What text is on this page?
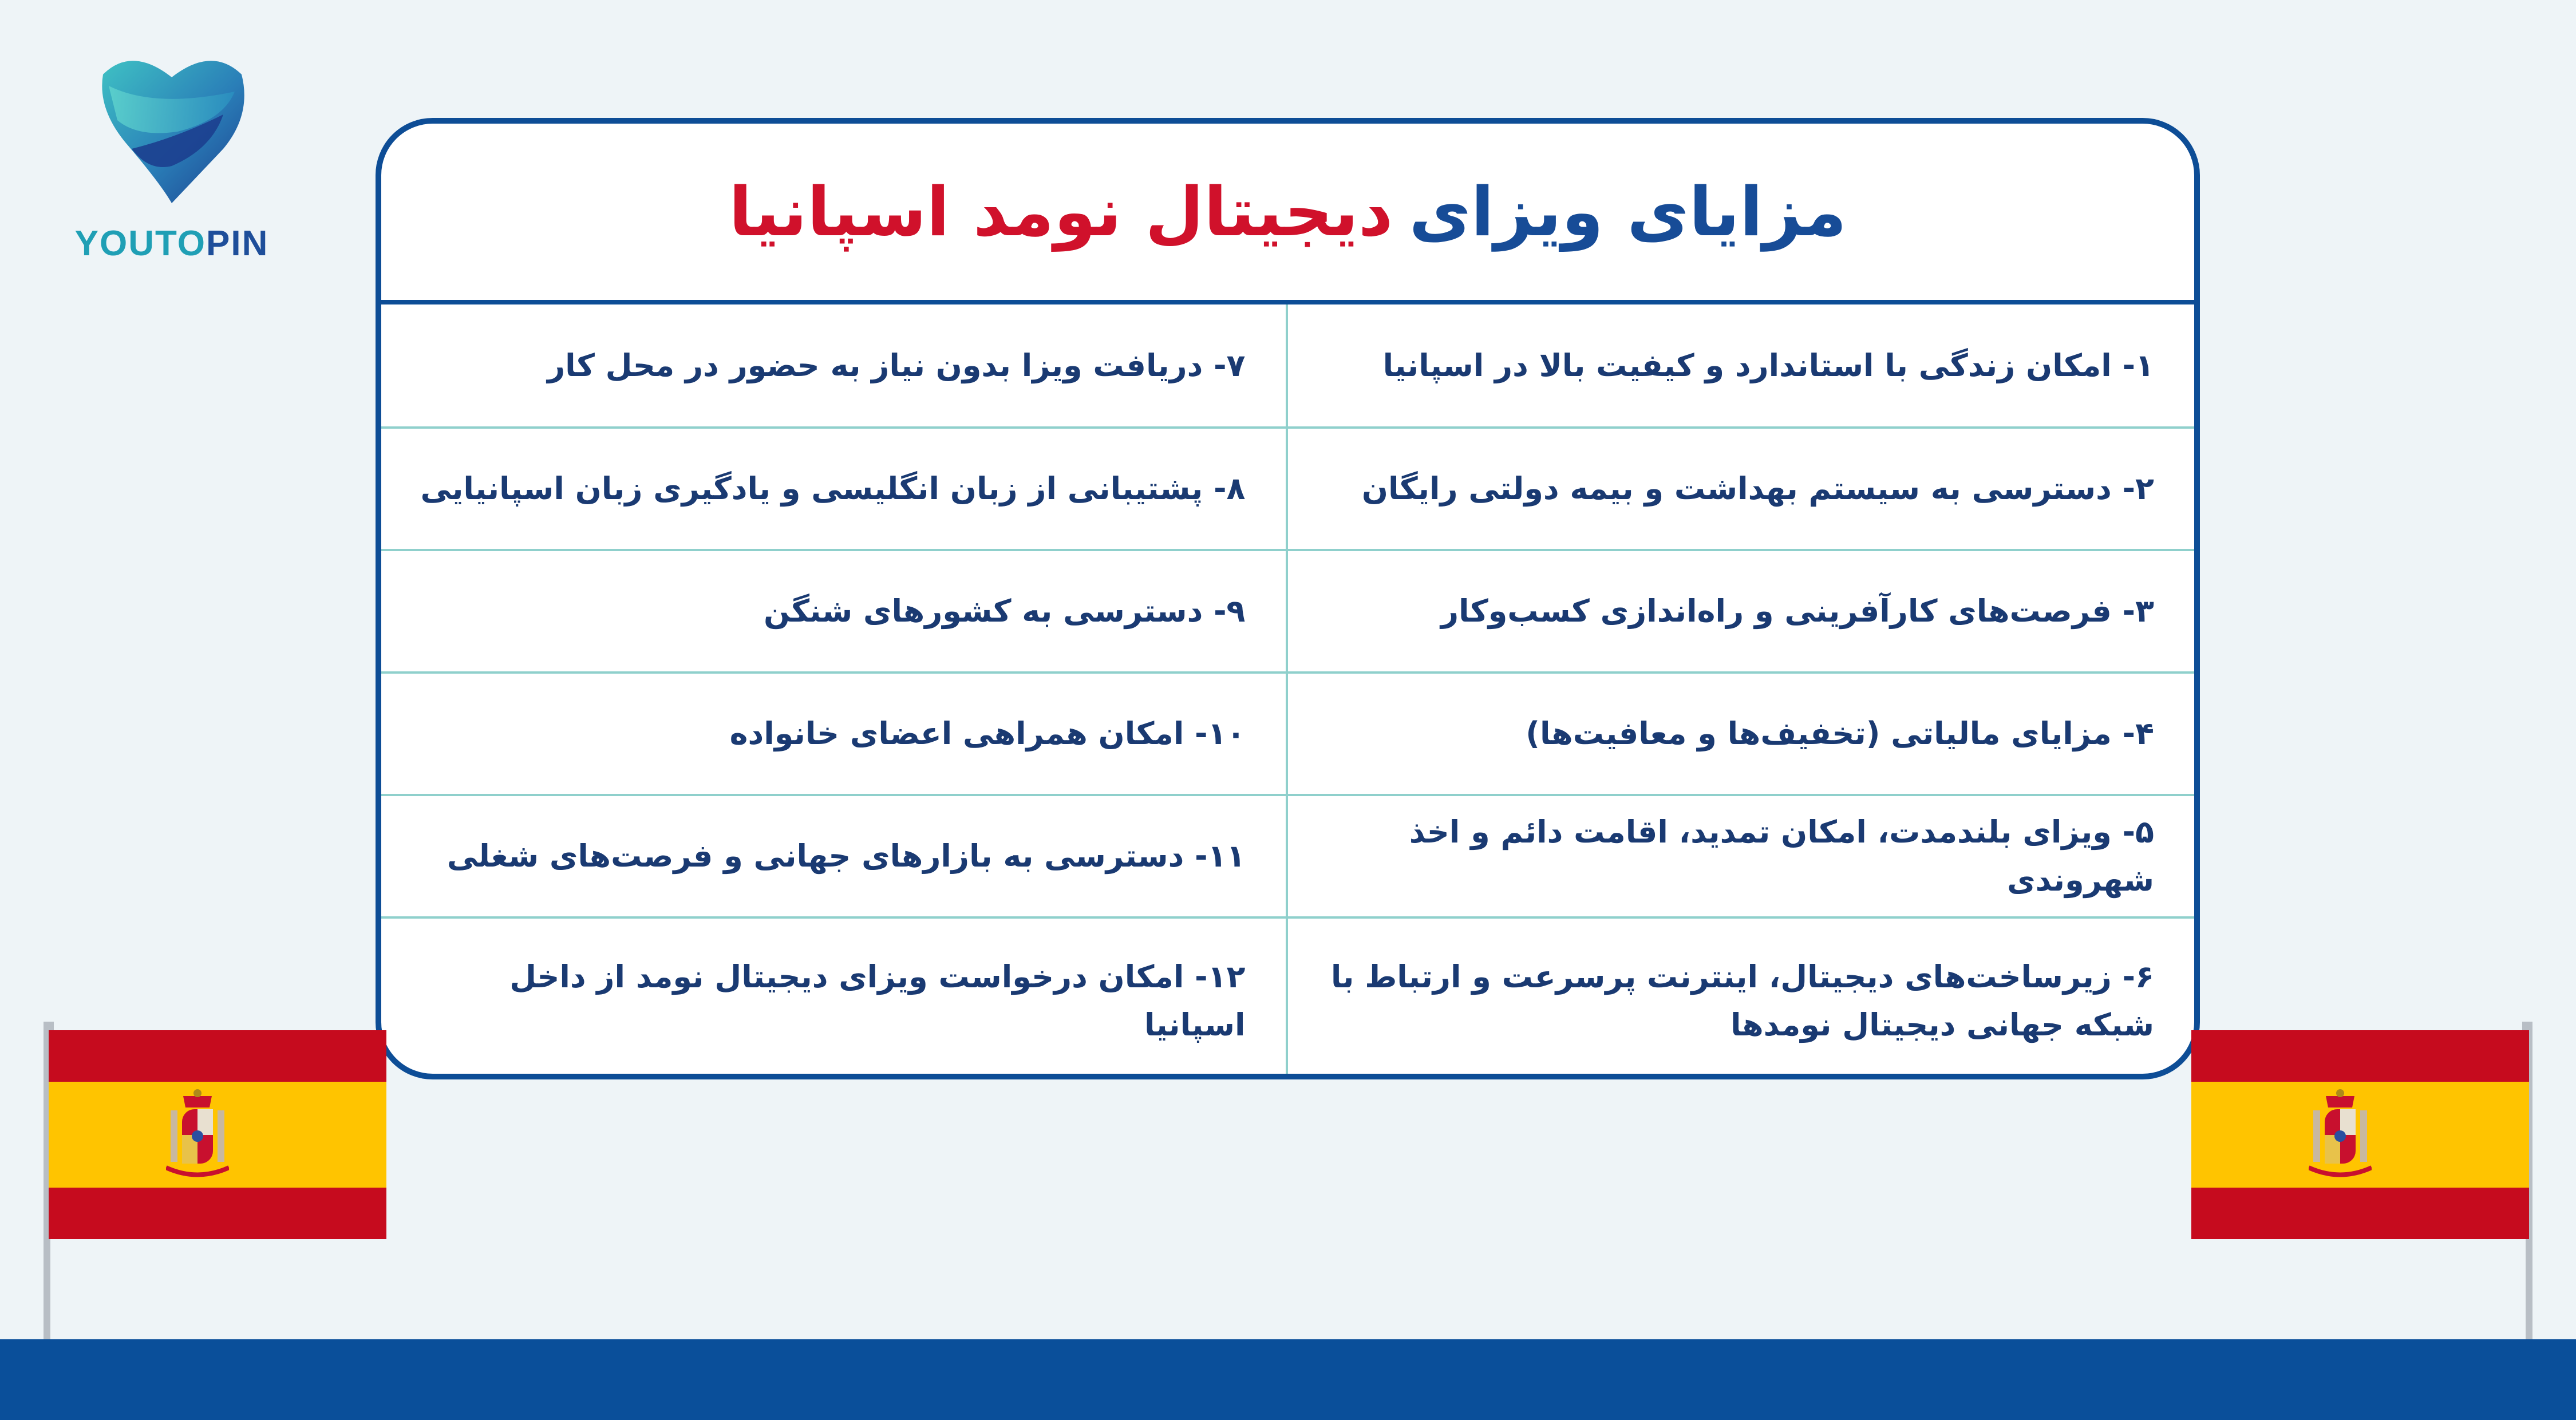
YOUTOPIN	مزایای ویزای
دیجیتال نومد اسپانیا
۱- امکان زندگی با استاندارد و کیفیت بالا در اسپانیا
۷- دریافت ویزا بدون نیاز به حضور در محل کار
۲- دسترسی به سیستم بهداشت و بیمه دولتی رایگان
۸- پشتیبانی از زبان انگلیسی و یادگیری زبان اسپانیایی
۳- فرصت‌های کارآفرینی و راه‌اندازی کسب‌وکار
۹- دسترسی به کشورهای شنگن
۴- مزایای مالیاتی (تخفیف‌ها و معافیت‌ها)
۱۰- امکان همراهی اعضای خانواده
۵- ویزای بلندمدت، امکان تمدید، اقامت دائم و اخذ شهروندی
۱۱- دسترسی به بازارهای جهانی و فرصت‌های شغلی
۶- زیرساخت‌های دیجیتال، اینترنت پرسرعت و ارتباط با شبکه جهانی دیجیتال نومدها
۱۲- امکان درخواست ویزای دیجیتال نومد از داخل اسپانیا
